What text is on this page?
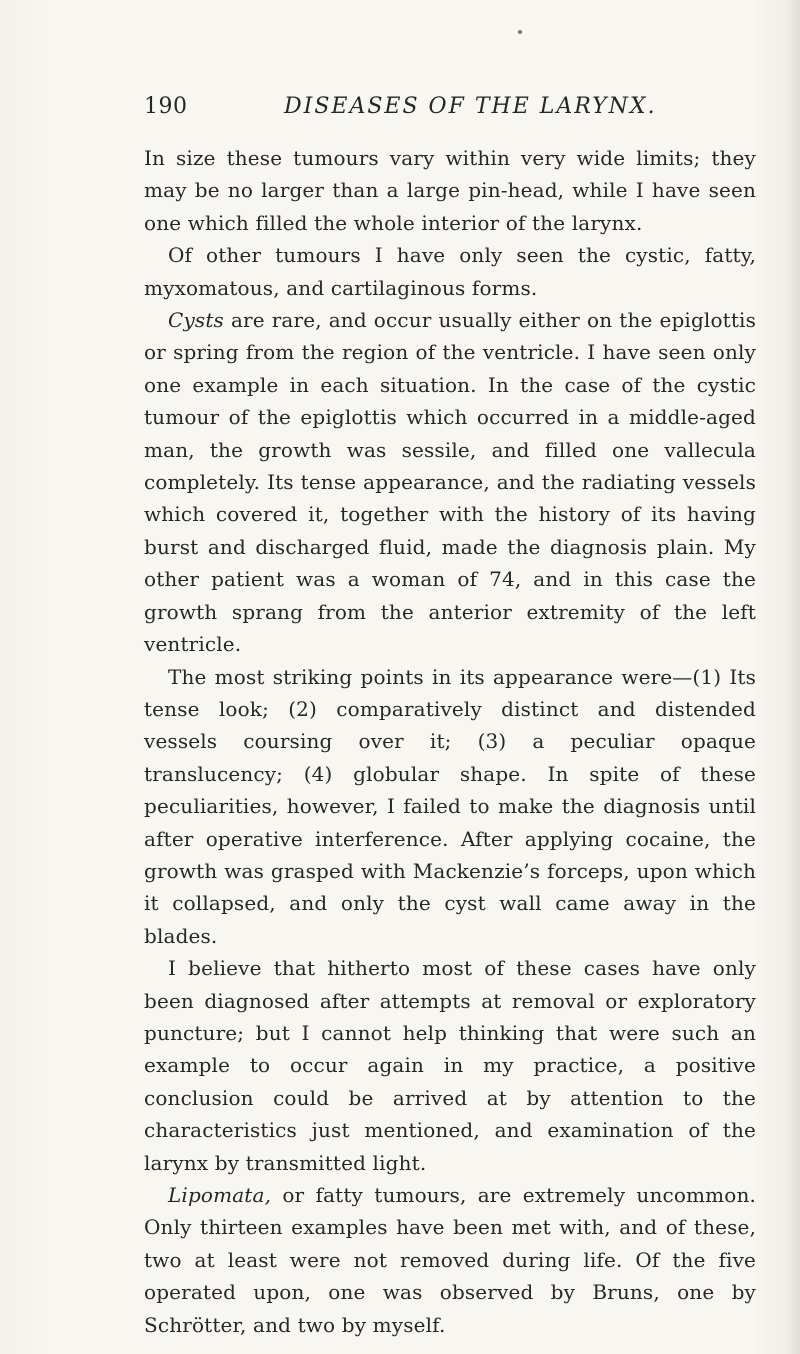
190	DISEASES OF THE LARYNX.

In size these tumours vary within very wide limits; they may be no larger than a large pin-head, while I have seen one which filled the whole interior of the larynx.

Of other tumours I have only seen the cystic, fatty, myxomatous, and cartilaginous forms.

Cysts are rare, and occur usually either on the epiglottis or spring from the region of the ventricle. I have seen only one example in each situation. In the case of the cystic tumour of the epiglottis which occurred in a middle-aged man, the growth was sessile, and filled one vallecula completely. Its tense appearance, and the radiating vessels which covered it, together with the history of its having burst and discharged fluid, made the diagnosis plain. My other patient was a woman of 74, and in this case the growth sprang from the anterior extremity of the left ventricle.

The most striking points in its appearance were—(1) Its tense look; (2) comparatively distinct and distended vessels coursing over it; (3) a peculiar opaque translucency; (4) globular shape. In spite of these peculiarities, however, I failed to make the diagnosis until after operative interference. After applying cocaine, the growth was grasped with Mackenzie’s forceps, upon which it collapsed, and only the cyst wall came away in the blades.

I believe that hitherto most of these cases have only been diagnosed after attempts at removal or exploratory puncture; but I cannot help thinking that were such an example to occur again in my practice, a positive conclusion could be arrived at by attention to the characteristics just mentioned, and examination of the larynx by transmitted light.

Lipomata, or fatty tumours, are extremely uncommon. Only thirteen examples have been met with, and of these, two at least were not removed during life. Of the five operated upon, one was observed by Bruns, one by Schrötter, and two by myself.
